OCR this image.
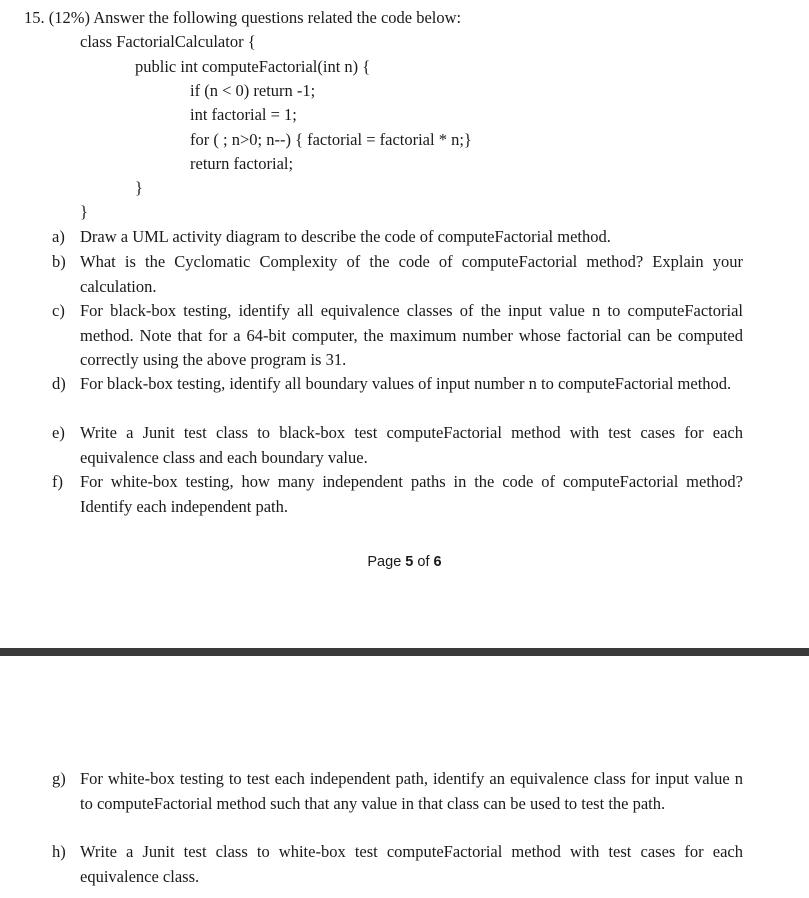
15. (12%) Answer the following questions related the code below:
class FactorialCalculator {
public int computeFactorial(int n) {
if (n < 0) return -1;
int factorial = 1;
for ( ; n>0; n--) { factorial = factorial * n;}
return factorial;
}
}
a) Draw a UML activity diagram to describe the code of computeFactorial method.
b) What is the Cyclomatic Complexity of the code of computeFactorial method? Explain your calculation.
c) For black-box testing, identify all equivalence classes of the input value n to computeFactorial method. Note that for a 64-bit computer, the maximum number whose factorial can be computed correctly using the above program is 31.
d) For black-box testing, identify all boundary values of input number n to computeFactorial method.
e) Write a Junit test class to black-box test computeFactorial method with test cases for each equivalence class and each boundary value.
f) For white-box testing, how many independent paths in the code of computeFactorial method? Identify each independent path.
Page 5 of 6
g) For white-box testing to test each independent path, identify an equivalence class for input value n to computeFactorial method such that any value in that class can be used to test the path.
h) Write a Junit test class to white-box test computeFactorial method with test cases for each equivalence class.
